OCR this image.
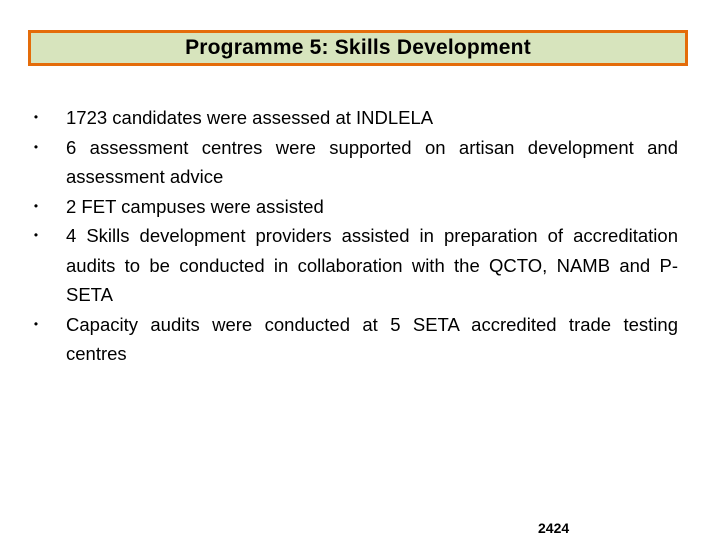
Programme 5: Skills Development
• 1723 candidates were assessed at INDLELA
• 6 assessment centres were supported on artisan development and assessment advice
• 2 FET campuses were assisted
• 4 Skills development providers assisted in preparation of accreditation audits to be conducted in collaboration with the QCTO, NAMB and P-SETA
• Capacity audits were conducted at 5 SETA accredited trade testing centres
2424
